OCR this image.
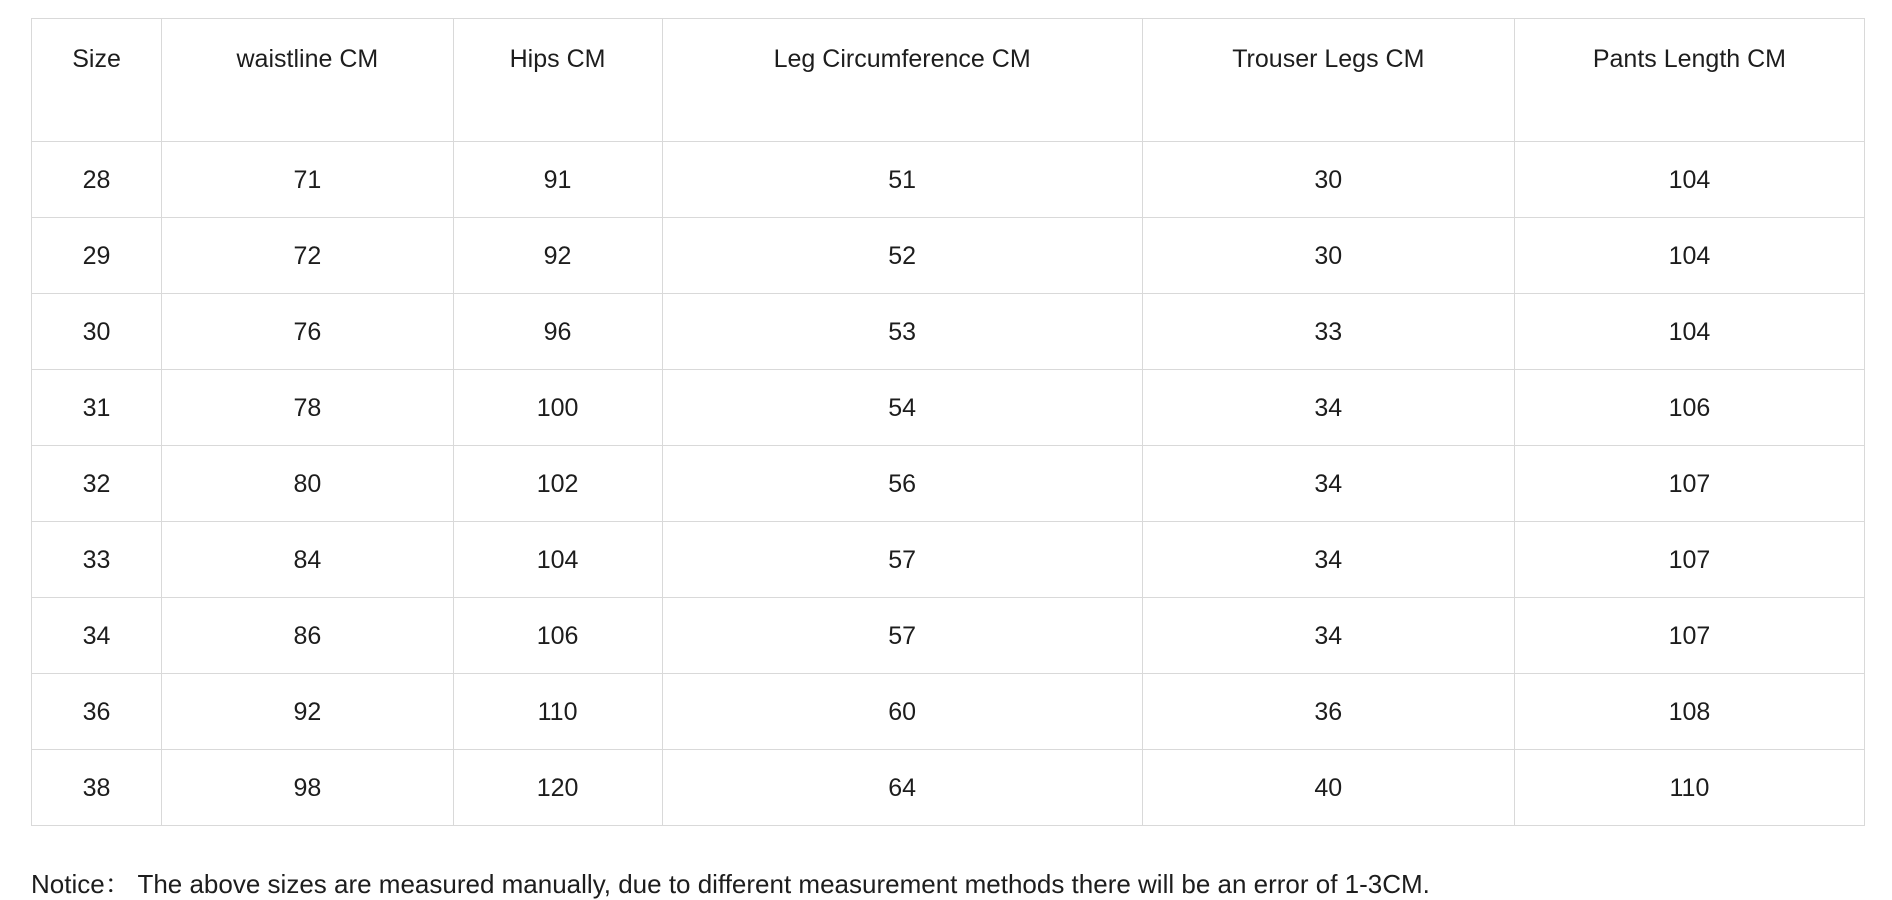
Size	waistline CM	Hips CM	Leg Circumference CM	Trouser Legs CM	Pants Length CM
28	71	91	51	30	104
29	72	92	52	30	104
30	76	96	53	33	104
31	78	100	54	34	106
32	80	102	56	34	107
33	84	104	57	34	107
34	86	106	57	34	107
36	92	110	60	36	108
38	98	120	64	40	110

Notice： The above sizes are measured manually, due to different measurement methods there will be an error of 1-3CM.
